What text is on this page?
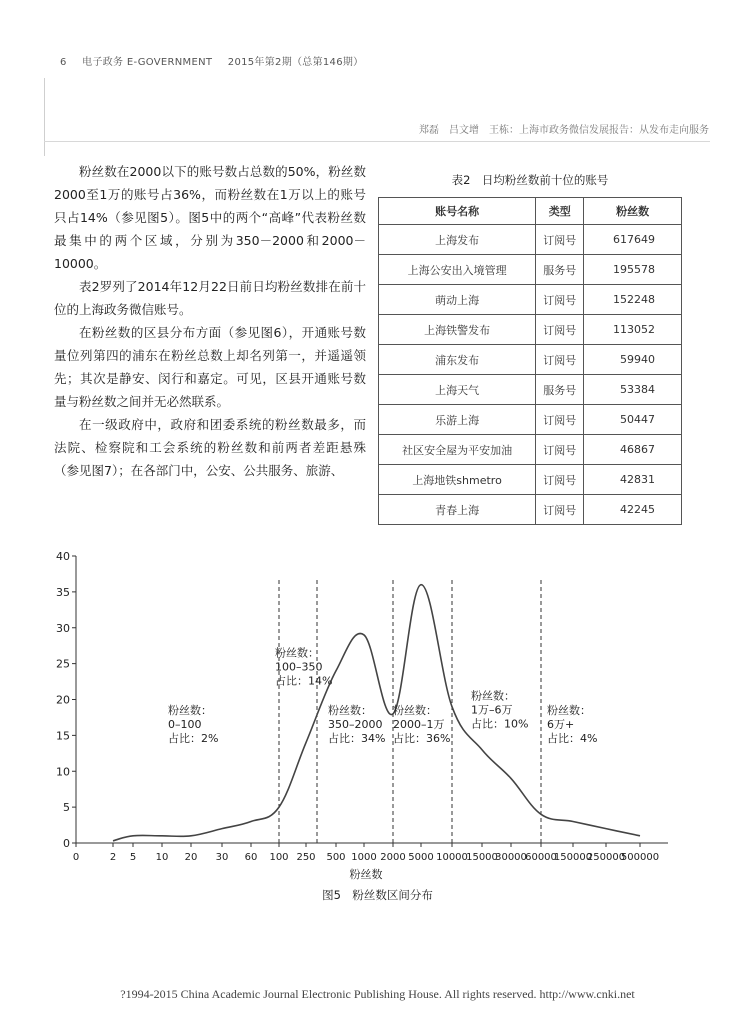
6 电子政务 E-GOVERNMENT 2015年第2期（总第146期）
郑磊　吕文增　王栋：上海市政务微信发展报告：从发布走向服务

粉丝数在2000以下的账号数占总数的50%，粉丝数2000至1万的账号占36%，而粉丝数在1万以上的账号只占14%（参见图5）。图5中的两个“高峰”代表粉丝数最集中的两个区域，分别为350－2000和2000－10000。

表2罗列了2014年12月22日前日均粉丝数排在前十位的上海政务微信账号。

在粉丝数的区县分布方面（参见图6），开通账号数量位列第四的浦东在粉丝总数上却名列第一，并遥遥领先；其次是静安、闵行和嘉定。可见，区县开通账号数量与粉丝数之间并无必然联系。

在一级政府中，政府和团委系统的粉丝数最多，而法院、检察院和工会系统的粉丝数和前两者差距悬殊（参见图7）；在各部门中，公安、公共服务、旅游、

表2　日均粉丝数前十位的账号
账号名称	类型	粉丝数
上海发布	订阅号	617649
上海公安出入境管理	服务号	195578
萌动上海	订阅号	152248
上海铁警发布	订阅号	113052
浦东发布	订阅号	59940
上海天气	服务号	53384
乐游上海	订阅号	50447
社区安全屋为平安加油	订阅号	46867
上海地铁shmetro	订阅号	42831
青春上海	订阅号	42245
0
5
10
15
20
25
30
35
40
0	2 5 10 20 30 60 100 250 500 1000 2000 5000 10000
15000
30000
60000
150000
250000
500000
粉丝数
粉丝数：
0–100
占比：2%
粉丝数：
100–350
占比：14%
粉丝数：
350–2000
占比：34%
粉丝数：
2000–1万
占比：36%
粉丝数：
1万–6万
占比：10%
粉丝数：
6万+
占比：4%
图5　粉丝数区间分布
?1994-2015 China Academic Journal Electronic Publishing House. All rights reserved. http://www.cnki.net
